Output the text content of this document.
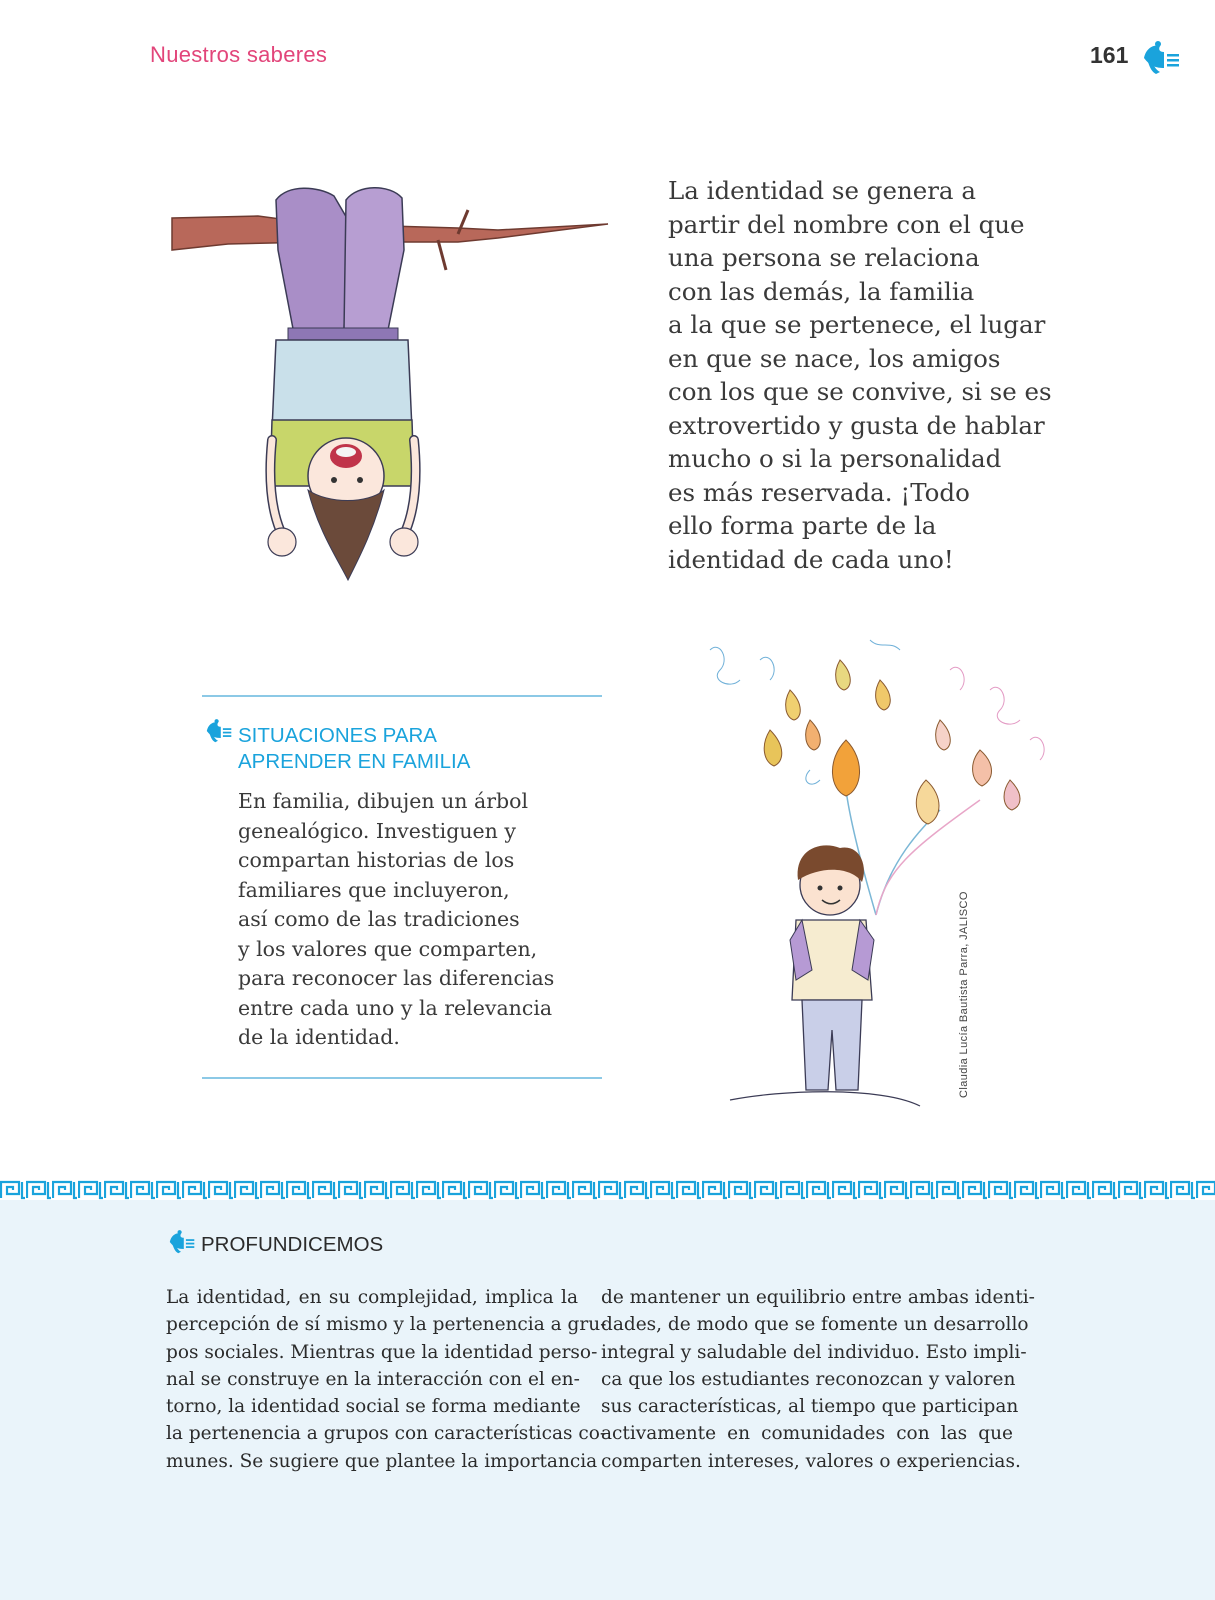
Nuestros saberes	161
La identidad se genera a
partir del nombre con el que
una persona se relaciona
con las demás, la familia
a la que se pertenece, el lugar
en que se nace, los amigos
con los que se convive, si se es
extrovertido y gusta de hablar
mucho o si la personalidad
es más reservada. ¡Todo
ello forma parte de la
identidad de cada uno!
SITUACIONES PARA
APRENDER EN FAMILIA
En familia, dibujen un árbol
genealógico. Investiguen y
compartan historias de los
familiares que incluyeron,
así como de las tradiciones
y los valores que comparten,
para reconocer las diferencias
entre cada uno y la relevancia
de la identidad.	Claudia Lucía Bautista Parra, JALISCO
PROFUNDICEMOS
La identidad, en su complejidad, implica la
percepción de sí mismo y la pertenencia a gru-
pos sociales. Mientras que la identidad perso-
nal se construye en la interacción con el en-
torno, la identidad social se forma mediante
la pertenencia a grupos con características co-
munes. Se sugiere que plantee la importancia
de mantener un equilibrio entre ambas identi-
dades, de modo que se fomente un desarrollo
integral y saludable del individuo. Esto impli-
ca que los estudiantes reconozcan y valoren
sus características, al tiempo que participan
activamente en comunidades con las que
comparten intereses, valores o experiencias.
